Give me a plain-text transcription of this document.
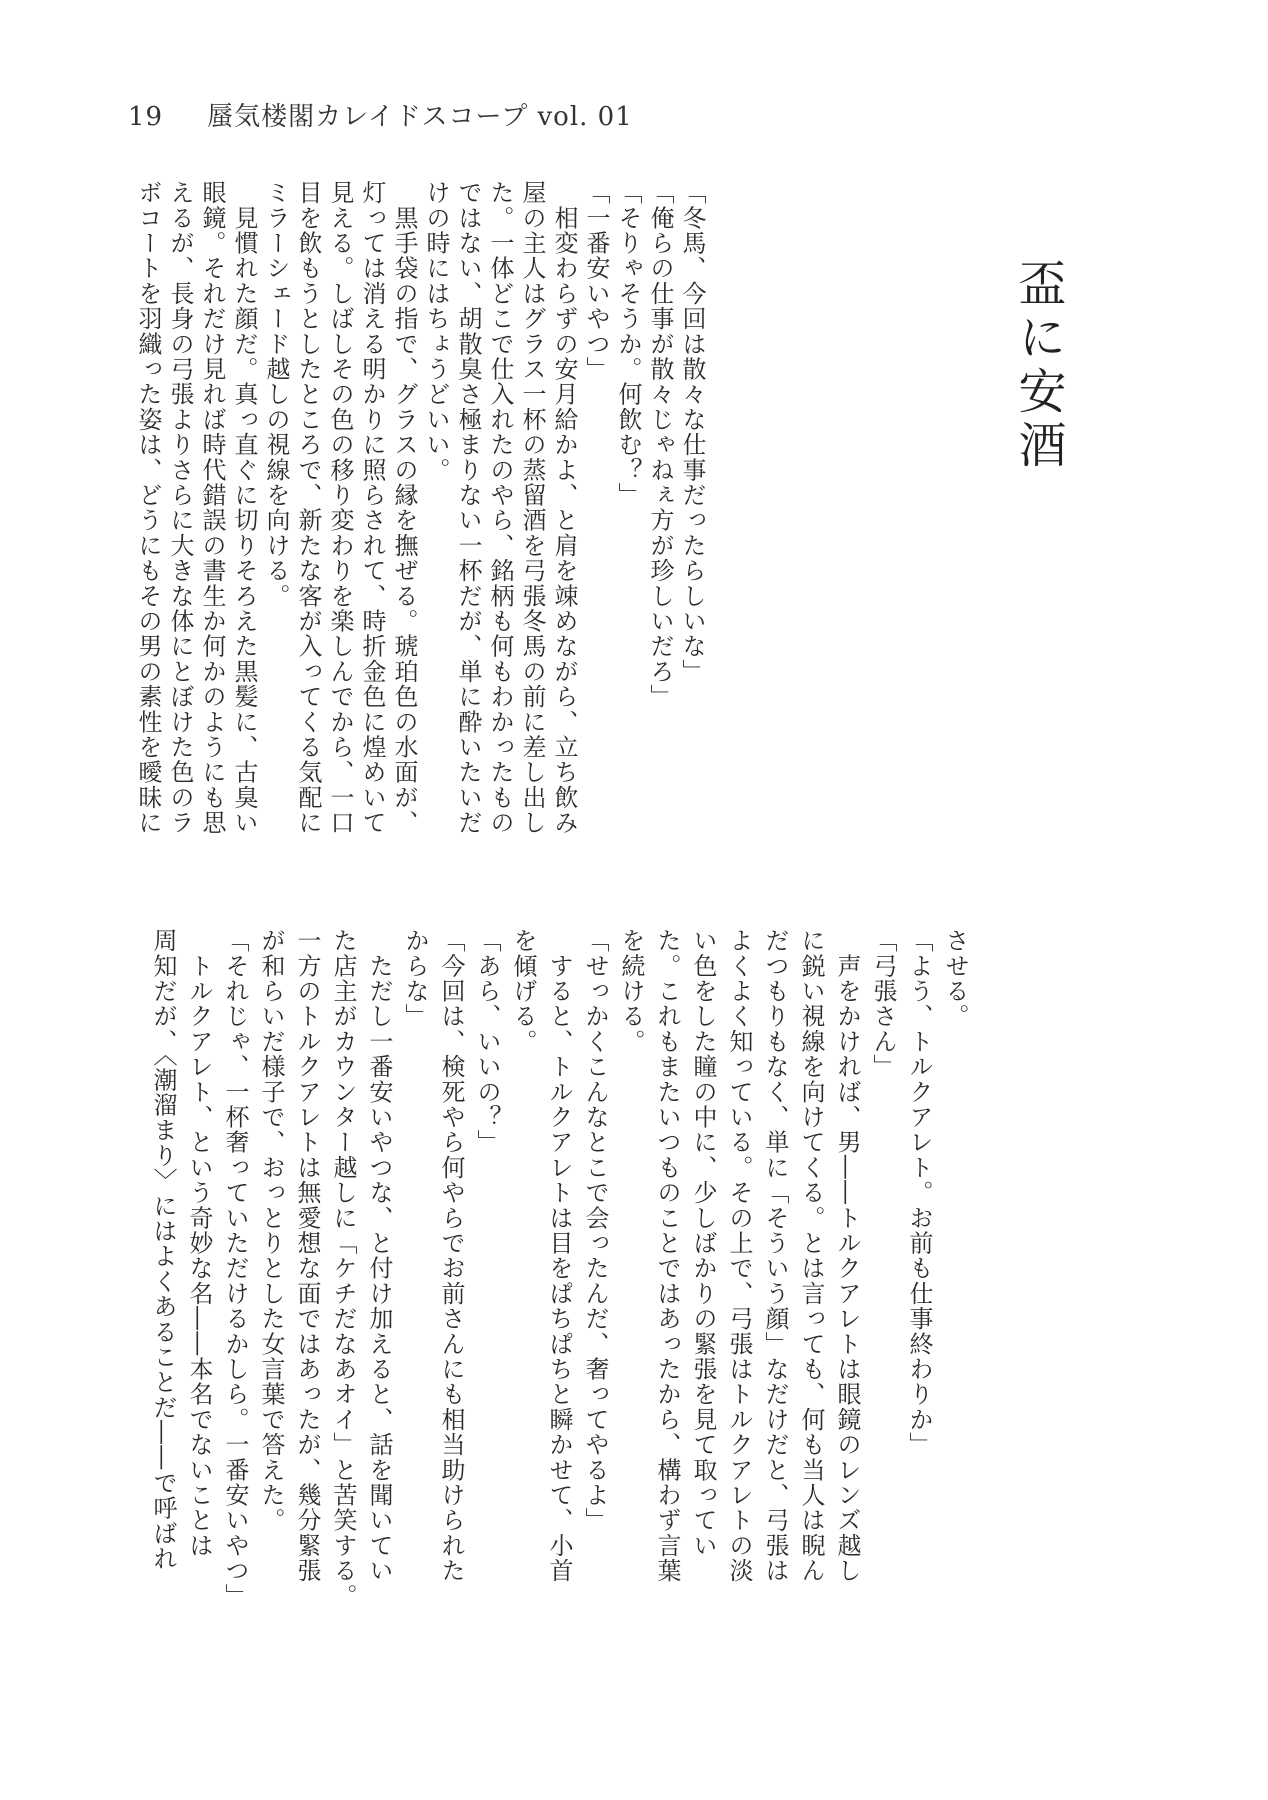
19 蜃気楼閣カレイドスコープ vol. 01
盃に安酒
「冬馬、今回は散々な仕事だったらしいな」
「俺らの仕事が散々じゃねぇ方が珍しいだろ」
「そりゃそうか。何飲む？」
「一番安いやつ」
　相変わらずの安月給かよ、と肩を竦めながら、立ち飲み
屋の主人はグラス一杯の蒸留酒を弓張冬馬の前に差し出し
た。一体どこで仕入れたのやら、銘柄も何もわかったもの
ではない、胡散臭さ極まりない一杯だが、単に酔いたいだ
けの時にはちょうどいい。
　黒手袋の指で、グラスの縁を撫ぜる。琥珀色の水面が、
灯っては消える明かりに照らされて、時折金色に煌めいて
見える。しばしその色の移り変わりを楽しんでから、一口
目を飲もうとしたところで、新たな客が入ってくる気配に
ミラーシェード越しの視線を向ける。
　見慣れた顔だ。真っ直ぐに切りそろえた黒髪に、古臭い
眼鏡。それだけ見れば時代錯誤の書生か何かのようにも思
えるが、長身の弓張よりさらに大きな体にとぼけた色のラ
ボコートを羽織った姿は、どうにもその男の素性を曖昧に
させる。
「よう、トルクアレト。お前も仕事終わりか」
「弓張さん」
　声をかければ、男――トルクアレトは眼鏡のレンズ越し
に鋭い視線を向けてくる。とは言っても、何も当人は睨ん
だつもりもなく、単に「そういう顔」なだけだと、弓張は
よくよく知っている。その上で、弓張はトルクアレトの淡
い色をした瞳の中に、少しばかりの緊張を見て取ってい
た。これもまたいつものことではあったから、構わず言葉
を続ける。
「せっかくこんなとこで会ったんだ、奢ってやるよ」
　すると、トルクアレトは目をぱちぱちと瞬かせて、小首
を傾げる。
「あら、いいの？」
「今回は、検死やら何やらでお前さんにも相当助けられた
からな」
　ただし一番安いやつな、と付け加えると、話を聞いてい
た店主がカウンター越しに「ケチだなあオイ」と苦笑する。
一方のトルクアレトは無愛想な面ではあったが、幾分緊張
が和らいだ様子で、おっとりとした女言葉で答えた。
「それじゃ、一杯奢っていただけるかしら。一番安いやつ」
　トルクアレト、という奇妙な名――本名でないことは
周知だが、〈潮溜まり〉にはよくあることだ――で呼ばれ
